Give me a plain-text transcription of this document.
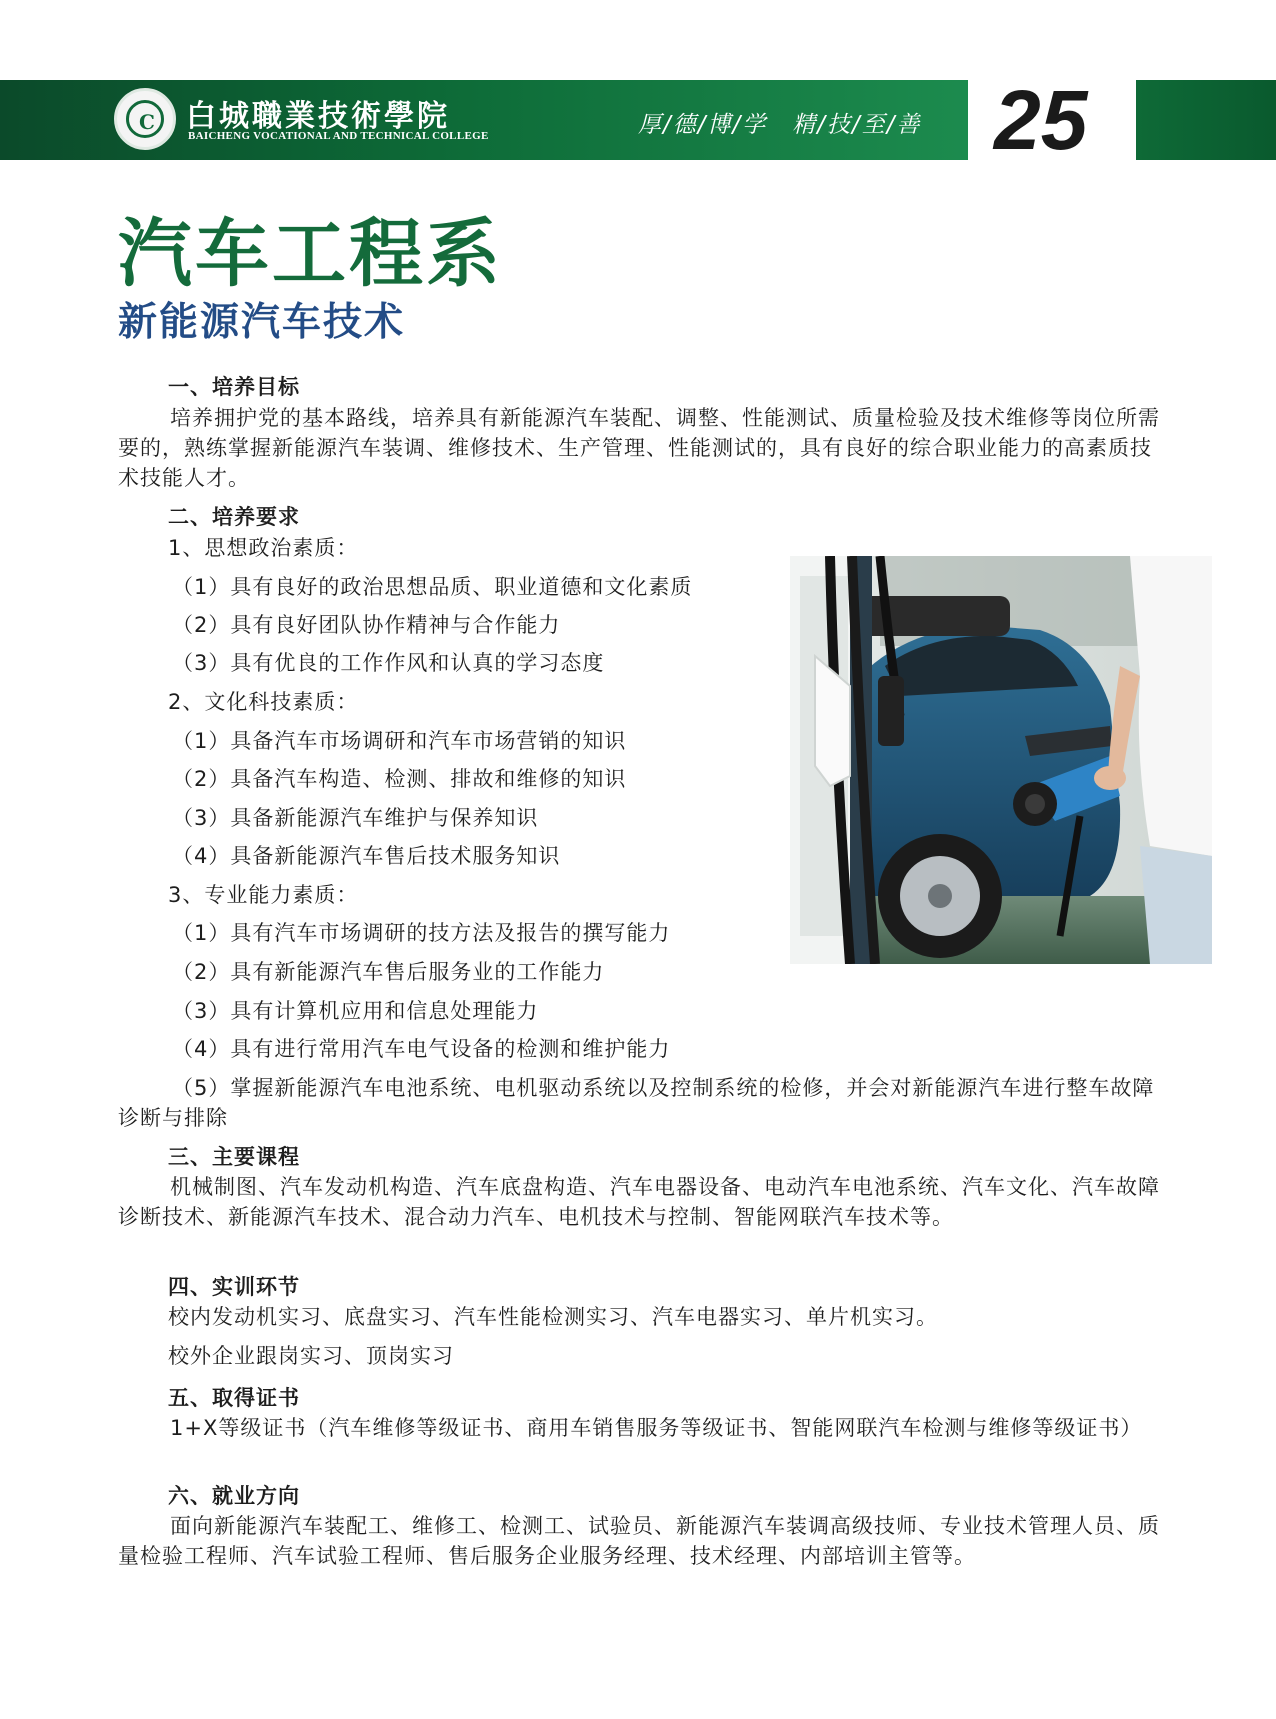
C 白城職業技術學院
BAICHENG VOCATIONAL AND TECHNICAL COLLEGE	厚/德/博/学　精/技/至/善 25
汽车工程系
新能源汽车技术
一、培养目标
培养拥护党的基本路线，培养具有新能源汽车装配、调整、性能测试、质量检验及技术维修等岗位所需要的，熟练掌握新能源汽车装调、维修技术、生产管理、性能测试的，具有良好的综合职业能力的高素质技术技能人才。
二、培养要求
1、思想政治素质：
（1）具有良好的政治思想品质、职业道德和文化素质
（2）具有良好团队协作精神与合作能力
（3）具有优良的工作作风和认真的学习态度
2、文化科技素质：
（1）具备汽车市场调研和汽车市场营销的知识
（2）具备汽车构造、检测、排故和维修的知识
（3）具备新能源汽车维护与保养知识
（4）具备新能源汽车售后技术服务知识
3、专业能力素质：
（1）具有汽车市场调研的技方法及报告的撰写能力
（2）具有新能源汽车售后服务业的工作能力
（3）具有计算机应用和信息处理能力
（4）具有进行常用汽车电气设备的检测和维护能力
（5）掌握新能源汽车电池系统、电机驱动系统以及控制系统的检修，并会对新能源汽车进行整车故障诊断与排除
三、主要课程
机械制图、汽车发动机构造、汽车底盘构造、汽车电器设备、电动汽车电池系统、汽车文化、汽车故障诊断技术、新能源汽车技术、混合动力汽车、电机技术与控制、智能网联汽车技术等。
四、实训环节
校内发动机实习、底盘实习、汽车性能检测实习、汽车电器实习、单片机实习。
校外企业跟岗实习、顶岗实习
五、取得证书
1+X等级证书（汽车维修等级证书、商用车销售服务等级证书、智能网联汽车检测与维修等级证书）
六、就业方向
面向新能源汽车装配工、维修工、检测工、试验员、新能源汽车装调高级技师、专业技术管理人员、质量检验工程师、汽车试验工程师、售后服务企业服务经理、技术经理、内部培训主管等。
